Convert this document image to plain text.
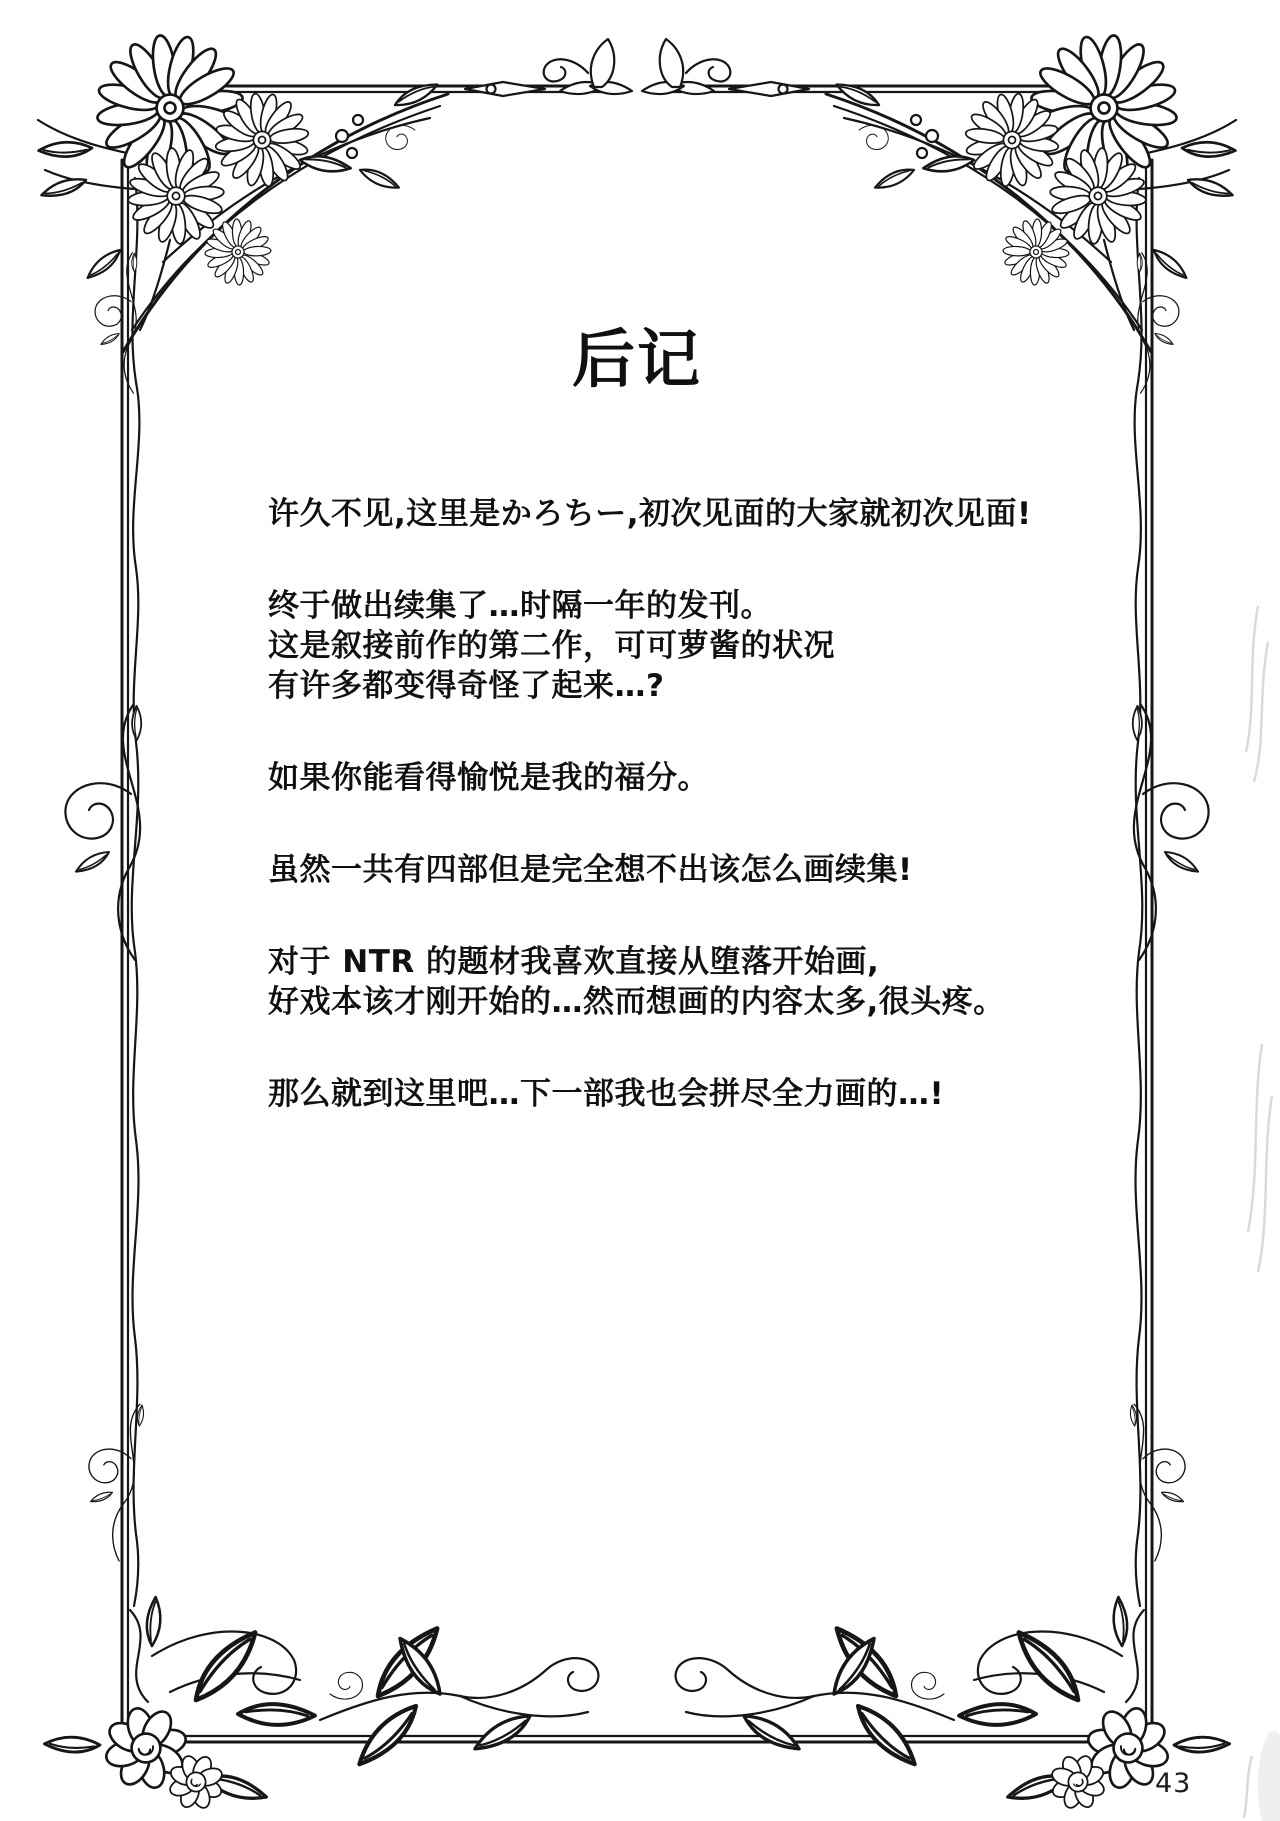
后记

许久不见,这里是かろちー,初次见面的大家就初次见面!

终于做出续集了…时隔一年的发刊。
这是叙接前作的第二作，可可萝酱的状况
有许多都变得奇怪了起来…?

如果你能看得愉悦是我的福分。

虽然一共有四部但是完全想不出该怎么画续集!

对于 NTR 的题材我喜欢直接从堕落开始画,
好戏本该才刚开始的…然而想画的内容太多,很头疼。

那么就到这里吧…下一部我也会拼尽全力画的…!

43
